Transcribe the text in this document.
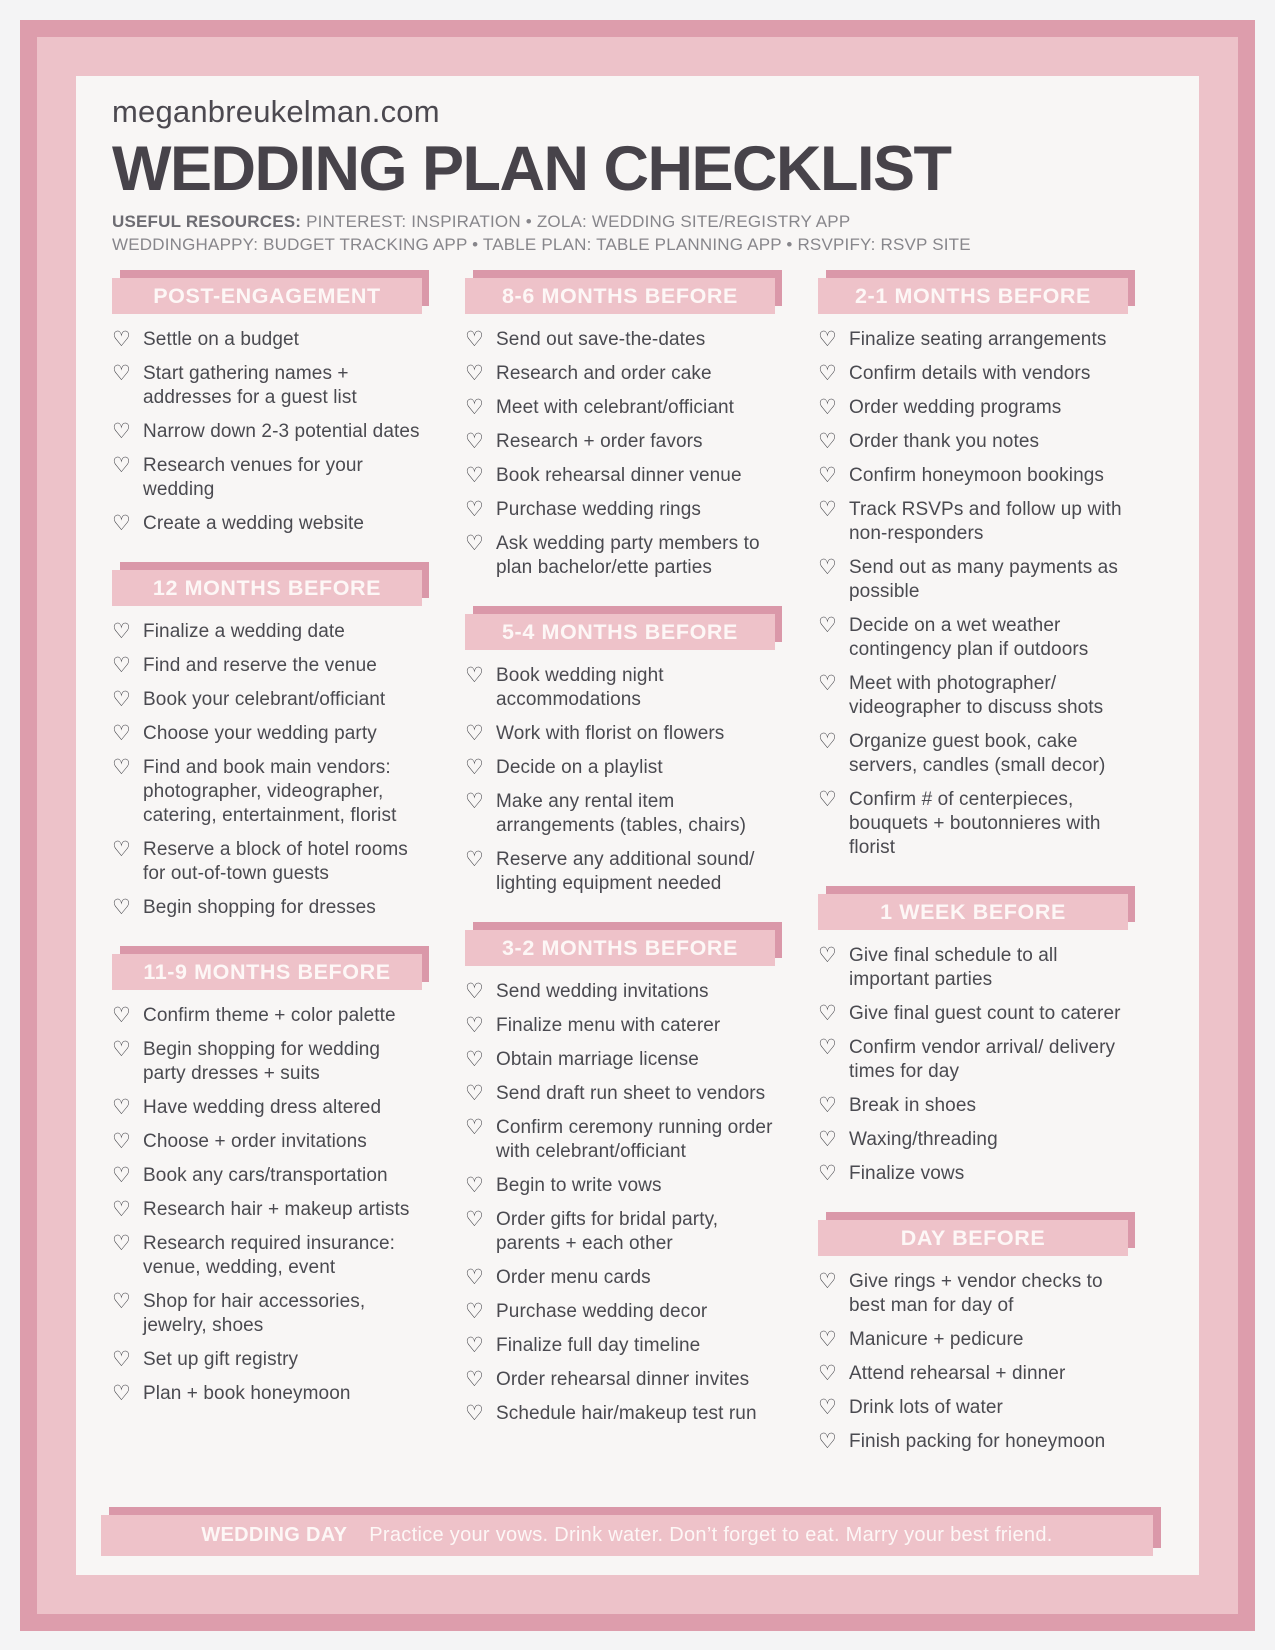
meganbreukelman.com
WEDDING PLAN CHECKLIST
USEFUL RESOURCES: PINTEREST: INSPIRATION • ZOLA: WEDDING SITE/REGISTRY APP
WEDDINGHAPPY: BUDGET TRACKING APP • TABLE PLAN: TABLE PLANNING APP • RSVPIFY: RSVP SITE
POST-ENGAGEMENT
♡ Settle on a budget
♡ Start gathering names + addresses for a guest list
♡ Narrow down 2-3 potential dates
♡ Research venues for your wedding
♡ Create a wedding website
12 MONTHS BEFORE
♡ Finalize a wedding date
♡ Find and reserve the venue
♡ Book your celebrant/officiant
♡ Choose your wedding party
♡ Find and book main vendors: photographer, videographer, catering, entertainment, florist
♡ Reserve a block of hotel rooms for out-of-town guests
♡ Begin shopping for dresses
11-9 MONTHS BEFORE
♡ Confirm theme + color palette
♡ Begin shopping for wedding party dresses + suits
♡ Have wedding dress altered
♡ Choose + order invitations
♡ Book any cars/transportation
♡ Research hair + makeup artists
♡ Research required insurance: venue, wedding, event
♡ Shop for hair accessories, jewelry, shoes
♡ Set up gift registry
♡ Plan + book honeymoon
8-6 MONTHS BEFORE
♡ Send out save-the-dates
♡ Research and order cake
♡ Meet with celebrant/officiant
♡ Research + order favors
♡ Book rehearsal dinner venue
♡ Purchase wedding rings
♡ Ask wedding party members to plan bachelor/ette parties
5-4 MONTHS BEFORE
♡ Book wedding night accommodations
♡ Work with florist on flowers
♡ Decide on a playlist
♡ Make any rental item arrangements (tables, chairs)
♡ Reserve any additional sound/ lighting equipment needed
3-2 MONTHS BEFORE
♡ Send wedding invitations
♡ Finalize menu with caterer
♡ Obtain marriage license
♡ Send draft run sheet to vendors
♡ Confirm ceremony running order with celebrant/officiant
♡ Begin to write vows
♡ Order gifts for bridal party, parents + each other
♡ Order menu cards
♡ Purchase wedding decor
♡ Finalize full day timeline
♡ Order rehearsal dinner invites
♡ Schedule hair/makeup test run
2-1 MONTHS BEFORE
♡ Finalize seating arrangements
♡ Confirm details with vendors
♡ Order wedding programs
♡ Order thank you notes
♡ Confirm honeymoon bookings
♡ Track RSVPs and follow up with non-responders
♡ Send out as many payments as possible
♡ Decide on a wet weather contingency plan if outdoors
♡ Meet with photographer/ videographer to discuss shots
♡ Organize guest book, cake servers, candles (small decor)
♡ Confirm # of centerpieces, bouquets + boutonnieres with florist
1 WEEK BEFORE
♡ Give final schedule to all important parties
♡ Give final guest count to caterer
♡ Confirm vendor arrival/ delivery times for day
♡ Break in shoes
♡ Waxing/threading
♡ Finalize vows
DAY BEFORE
♡ Give rings + vendor checks to best man for day of
♡ Manicure + pedicure
♡ Attend rehearsal + dinner
♡ Drink lots of water
♡ Finish packing for honeymoon
WEDDING DAY Practice your vows. Drink water. Don’t forget to eat. Marry your best friend.
